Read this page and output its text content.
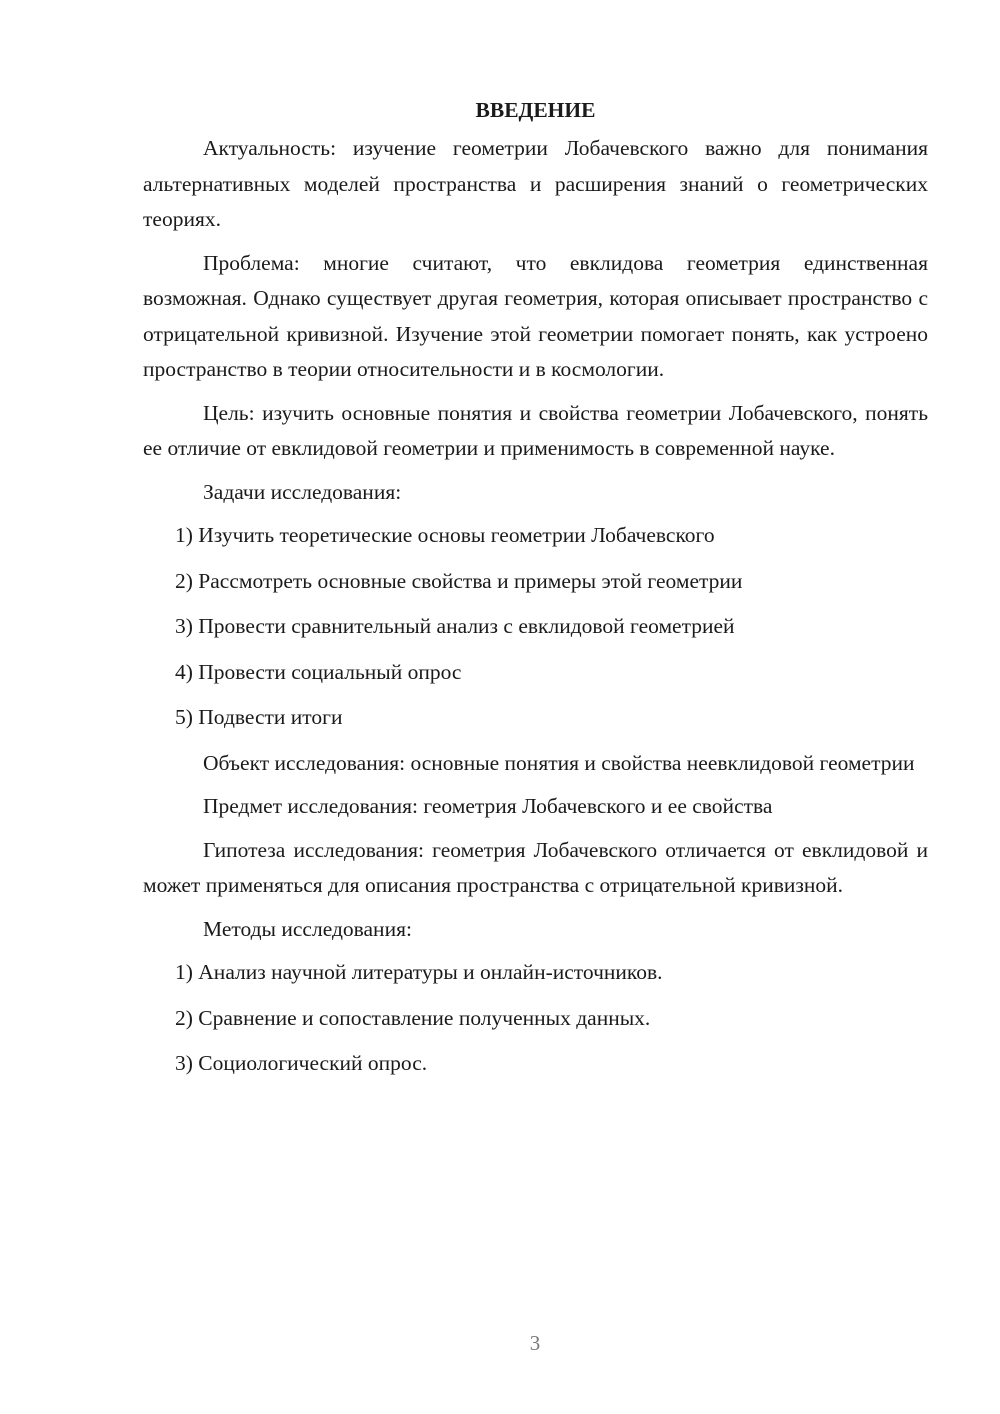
ВВЕДЕНИЕ

Актуальность: изучение геометрии Лобачевского важно для понимания альтернативных моделей пространства и расширения знаний о геометрических теориях.

Проблема: многие считают, что евклидова геометрия единственная возможная. Однако существует другая геометрия, которая описывает пространство с отрицательной кривизной. Изучение этой геометрии помогает понять, как устроено пространство в теории относительности и в космологии.

Цель: изучить основные понятия и свойства геометрии Лобачевского, понять ее отличие от евклидовой геометрии и применимость в современной науке.

Задачи исследования:

1) Изучить теоретические основы геометрии Лобачевского

2) Рассмотреть основные свойства и примеры этой геометрии

3) Провести сравнительный анализ с евклидовой геометрией

4) Провести социальный опрос

5) Подвести итоги

Объект исследования: основные понятия и свойства неевклидовой геометрии

Предмет исследования: геометрия Лобачевского и ее свойства

Гипотеза исследования: геометрия Лобачевского отличается от евклидовой и может применяться для описания пространства с отрицательной кривизной.

Методы исследования:

1) Анализ научной литературы и онлайн-источников.

2) Сравнение и сопоставление полученных данных.

3) Социологический опрос.

3
